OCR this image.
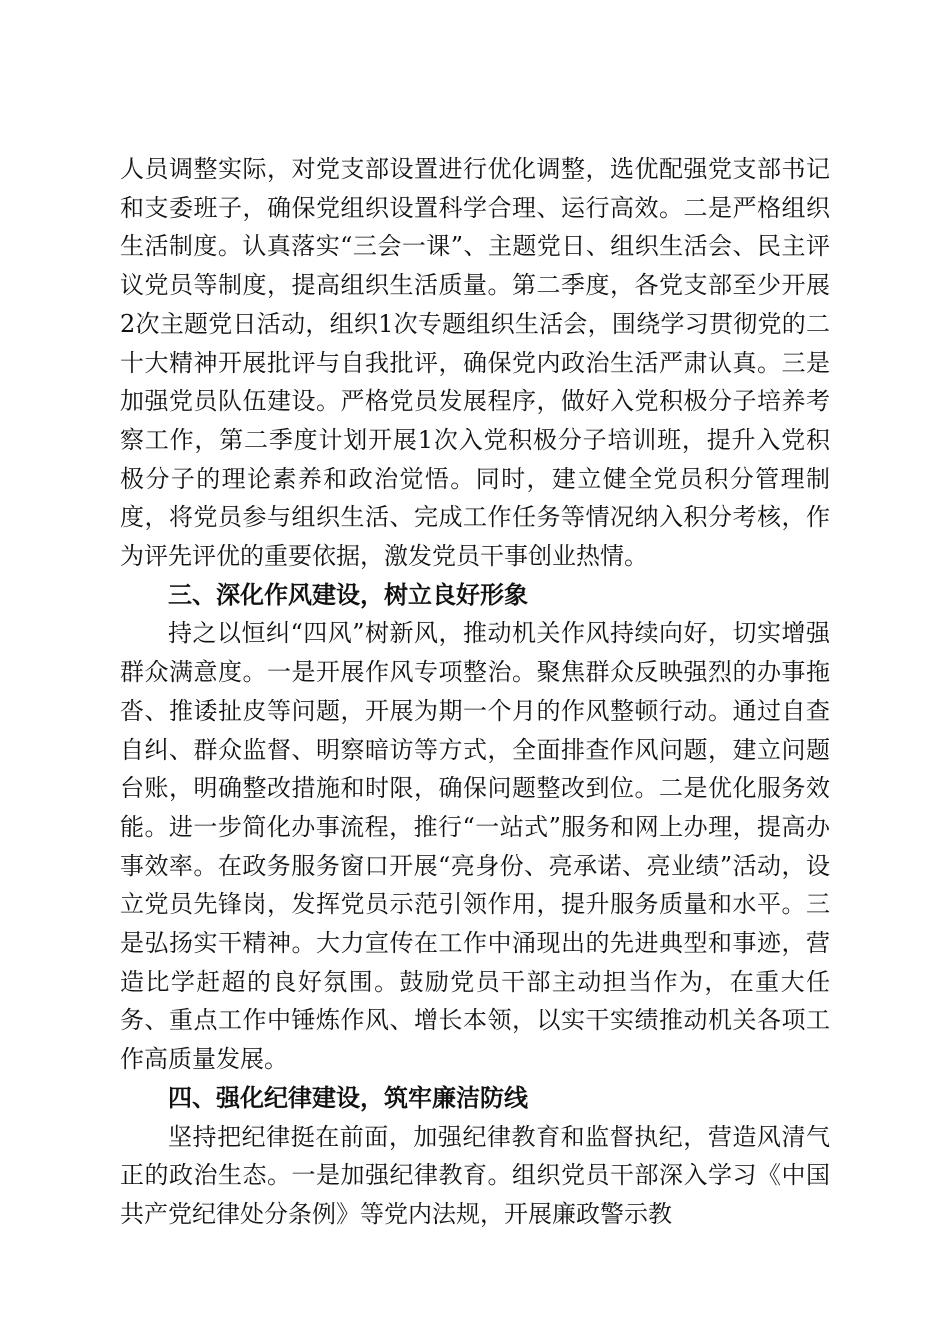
人员调整实际，对党支部设置进行优化调整，选优配强党支部书记和支委班子，确保党组织设置科学合理、运行高效。二是严格组织生活制度。认真落实“三会一课”、主题党日、组织生活会、民主评议党员等制度，提高组织生活质量。第二季度，各党支部至少开展2次主题党日活动，组织1次专题组织生活会，围绕学习贯彻党的二十大精神开展批评与自我批评，确保党内政治生活严肃认真。三是加强党员队伍建设。严格党员发展程序，做好入党积极分子培养考察工作，第二季度计划开展1次入党积极分子培训班，提升入党积极分子的理论素养和政治觉悟。同时，建立健全党员积分管理制度，将党员参与组织生活、完成工作任务等情况纳入积分考核，作为评先评优的重要依据，激发党员干事创业热情。

三、深化作风建设，树立良好形象

持之以恒纠“四风”树新风，推动机关作风持续向好，切实增强群众满意度。一是开展作风专项整治。聚焦群众反映强烈的办事拖沓、推诿扯皮等问题，开展为期一个月的作风整顿行动。通过自查自纠、群众监督、明察暗访等方式，全面排查作风问题，建立问题台账，明确整改措施和时限，确保问题整改到位。二是优化服务效能。进一步简化办事流程，推行“一站式”服务和网上办理，提高办事效率。在政务服务窗口开展“亮身份、亮承诺、亮业绩”活动，设立党员先锋岗，发挥党员示范引领作用，提升服务质量和水平。三是弘扬实干精神。大力宣传在工作中涌现出的先进典型和事迹，营造比学赶超的良好氛围。鼓励党员干部主动担当作为，在重大任务、重点工作中锤炼作风、增长本领，以实干实绩推动机关各项工作高质量发展。

四、强化纪律建设，筑牢廉洁防线

坚持把纪律挺在前面，加强纪律教育和监督执纪，营造风清气正的政治生态。一是加强纪律教育。组织党员干部深入学习《中国共产党纪律处分条例》等党内法规，开展廉政警示教
